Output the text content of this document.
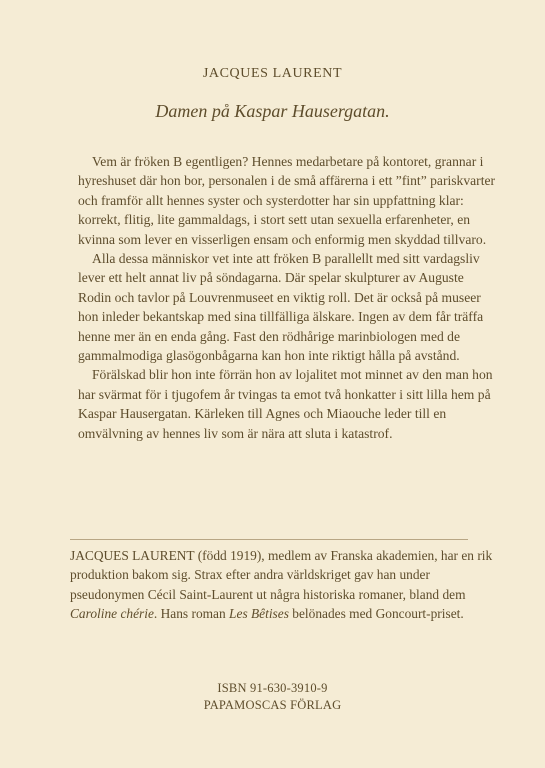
JACQUES LAURENT
Damen på Kaspar Hausergatan.

Vem är fröken B egentligen? Hennes medarbetare på kontoret, grannar i hyreshuset där hon bor, personalen i de små affärerna i ett ”fint” pariskvarter och framför allt hennes syster och systerdotter har sin uppfattning klar: korrekt, flitig, lite gammaldags, i stort sett utan sexuella erfarenheter, en kvinna som lever en visserligen ensam och enformig men skyddad tillvaro.

Alla dessa människor vet inte att fröken B parallellt med sitt vardagsliv lever ett helt annat liv på söndagarna. Där spelar skulpturer av Auguste Rodin och tavlor på Louvrenmuseet en viktig roll. Det är också på museer hon inleder bekantskap med sina tillfälliga älskare. Ingen av dem får träffa henne mer än en enda gång. Fast den rödhårige marinbiologen med de gammalmodiga glasögonbågarna kan hon inte riktigt hålla på avstånd.

Förälskad blir hon inte förrän hon av lojalitet mot minnet av den man hon har svärmat för i tjugofem år tvingas ta emot två honkatter i sitt lilla hem på Kaspar Hausergatan. Kärleken till Agnes och Miaouche leder till en omvälvning av hennes liv som är nära att sluta i katastrof.

JACQUES LAURENT (född 1919), medlem av Franska akademien, har en rik produktion bakom sig. Strax efter andra världskriget gav han under pseudonymen Cécil Saint-Laurent ut några historiska romaner, bland dem Caroline chérie. Hans roman Les Bêtises belönades med Goncourt-priset.

ISBN 91-630-3910-9
PAPAMOSCAS FÖRLAG
